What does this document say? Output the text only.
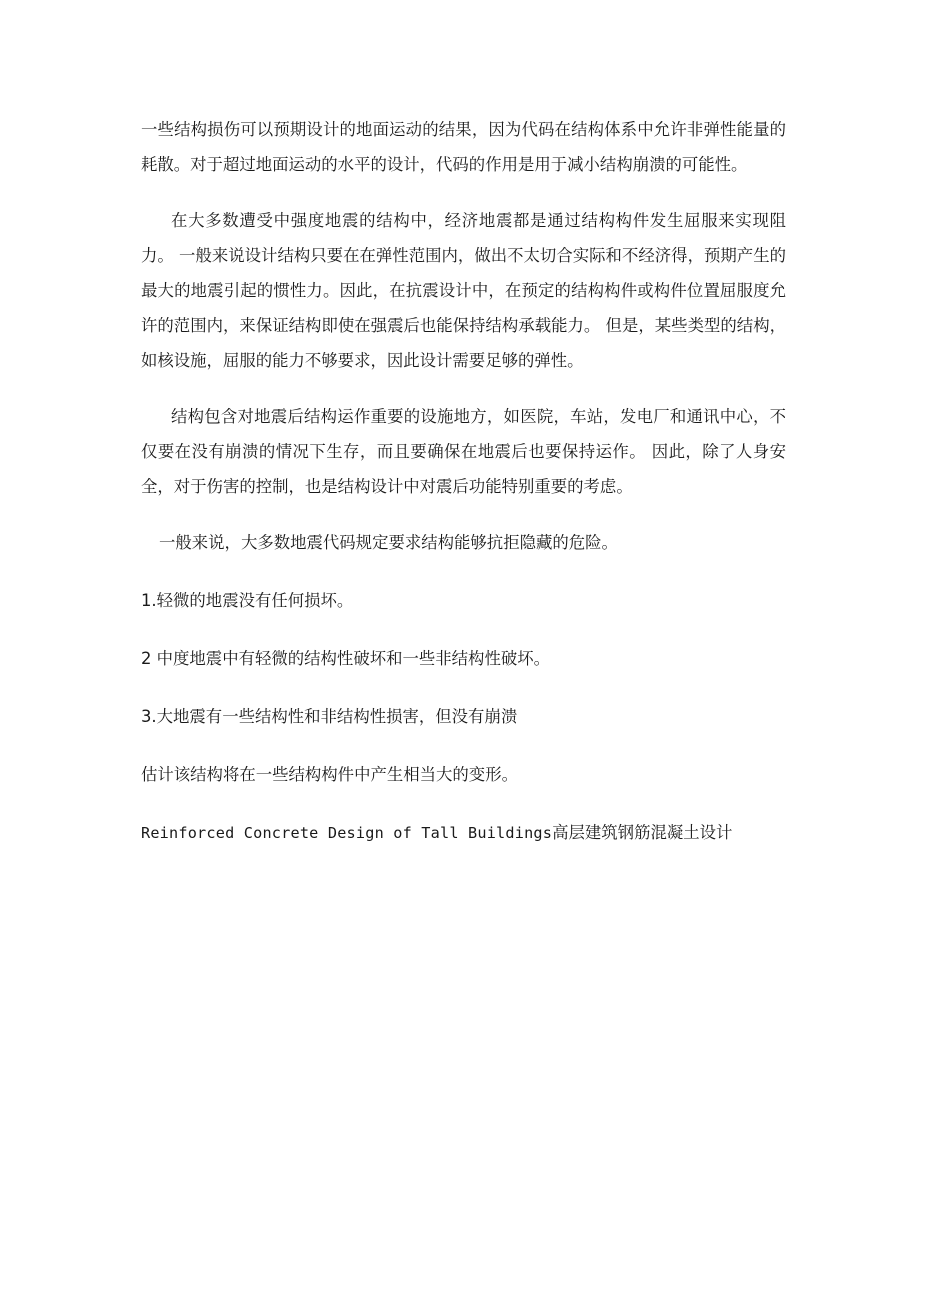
一些结构损伤可以预期设计的地面运动的结果，因为代码在结构体系中允许非弹性能量的耗散。对于超过地面运动的水平的设计，代码的作用是用于减小结构崩溃的可能性。

在大多数遭受中强度地震的结构中，经济地震都是通过结构构件发生屈服来实现阻力。 一般来说设计结构只要在在弹性范围内，做出不太切合实际和不经济得，预期产生的最大的地震引起的惯性力。因此，在抗震设计中，在预定的结构构件或构件位置屈服度允许的范围内，来保证结构即使在强震后也能保持结构承载能力。 但是，某些类型的结构，如核设施，屈服的能力不够要求，因此设计需要足够的弹性。

结构包含对地震后结构运作重要的设施地方，如医院，车站，发电厂和通讯中心，不仅要在没有崩溃的情况下生存，而且要确保在地震后也要保持运作。 因此，除了人身安全，对于伤害的控制，也是结构设计中对震后功能特别重要的考虑。

一般来说，大多数地震代码规定要求结构能够抗拒隐藏的危险。

1.轻微的地震没有任何损坏。

2 中度地震中有轻微的结构性破坏和一些非结构性破坏。

3.大地震有一些结构性和非结构性损害，但没有崩溃

估计该结构将在一些结构构件中产生相当大的变形。

Reinforced Concrete Design of Tall Buildings高层建筑钢筋混凝土设计
